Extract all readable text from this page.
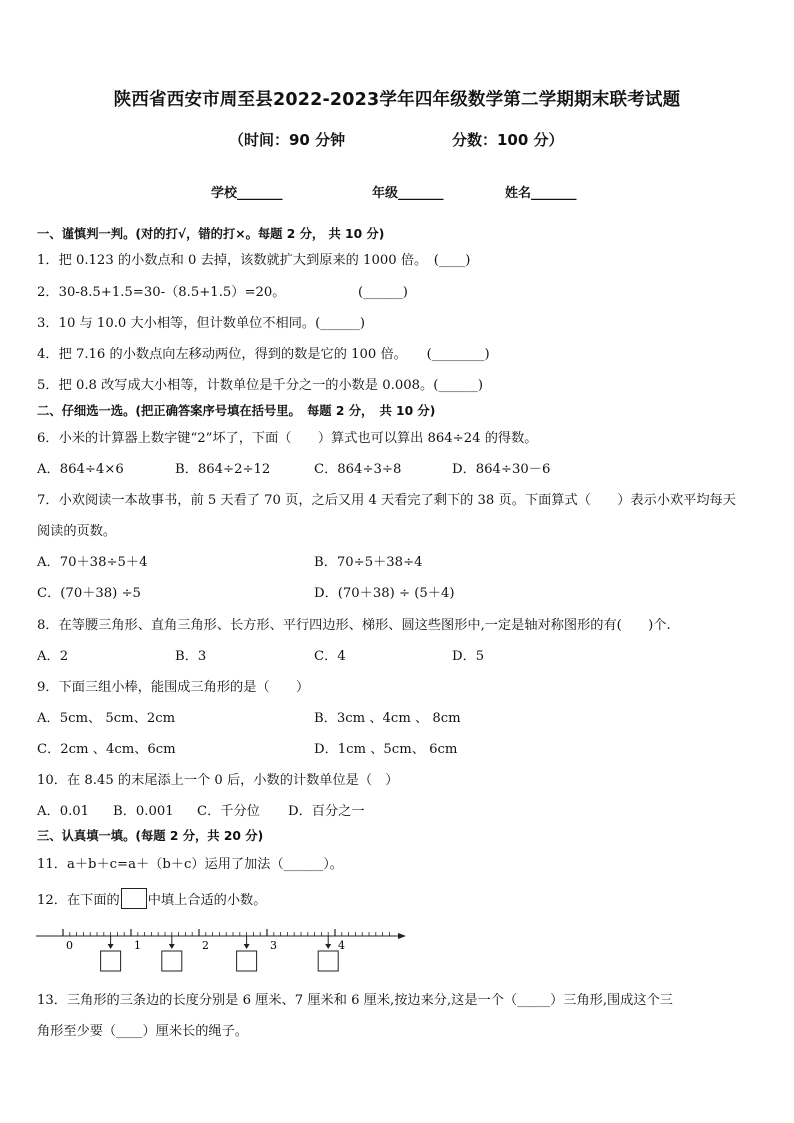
陕西省西安市周至县2022-2023学年四年级数学第二学期期末联考试题
（时间：90 分钟	分数：100 分）
学校_______	年级_______	姓名_______
一、谨慎判一判。(对的打√，错的打×。每题 2 分， 共 10 分)
1．把 0.123 的小数点和 0 去掉，该数就扩大到原来的 1000 倍。　(____)
2．30-8.5+1.5=30-（8.5+1.5）=20。　　　　　　(______)
3．10 与 10.0 大小相等，但计数单位不相同。(______)
4．把 7.16 的小数点向左移动两位，得到的数是它的 100 倍。　　(________)
5．把 0.8 改写成大小相等，计数单位是千分之一的小数是 0.008。(______)
二、仔细选一选。(把正确答案序号填在括号里。　每题 2 分，　共 10 分)
6．小米的计算器上数字键“2”坏了，下面（　　）算式也可以算出 864÷24 的得数。
A．864÷4×6	B．864÷2÷12	C．864÷3÷8	D．864÷30－6
7．小欢阅读一本故事书，前 5 天看了 70 页，之后又用 4 天看完了剩下的 38 页。下面算式（　　）表示小欢平均每天
阅读的页数。
A．70＋38÷5＋4	B．70÷5＋38÷4
C．(70＋38) ÷5	D．(70＋38) ÷ (5＋4)
8．在等腰三角形、直角三角形、长方形、平行四边形、梯形、圆这些图形中,一定是轴对称图形的有(　　)个.
A．2	B．3	C．4	D．5
9．下面三组小棒，能围成三角形的是（　　）
A．5cm、 5cm、2cm	B．3cm 、4cm 、 8cm
C．2cm 、4cm、6cm	D．1cm 、5cm、 6cm
10．在 8.45 的末尾添上一个 0 后，小数的计数单位是（　）
A．0.01 B．0.001 C．千分位 D．百分之一
三、认真填一填。(每题 2 分，共 20 分)
11．a＋b＋c=a＋（b＋c）运用了加法（______）。
12．在下面的 中填上合适的小数。
0	1	2	3	4
13．三角形的三条边的长度分别是 6 厘米、7 厘米和 6 厘米,按边来分,这是一个（_____）三角形,围成这个三
角形至少要（____）厘米长的绳子。
